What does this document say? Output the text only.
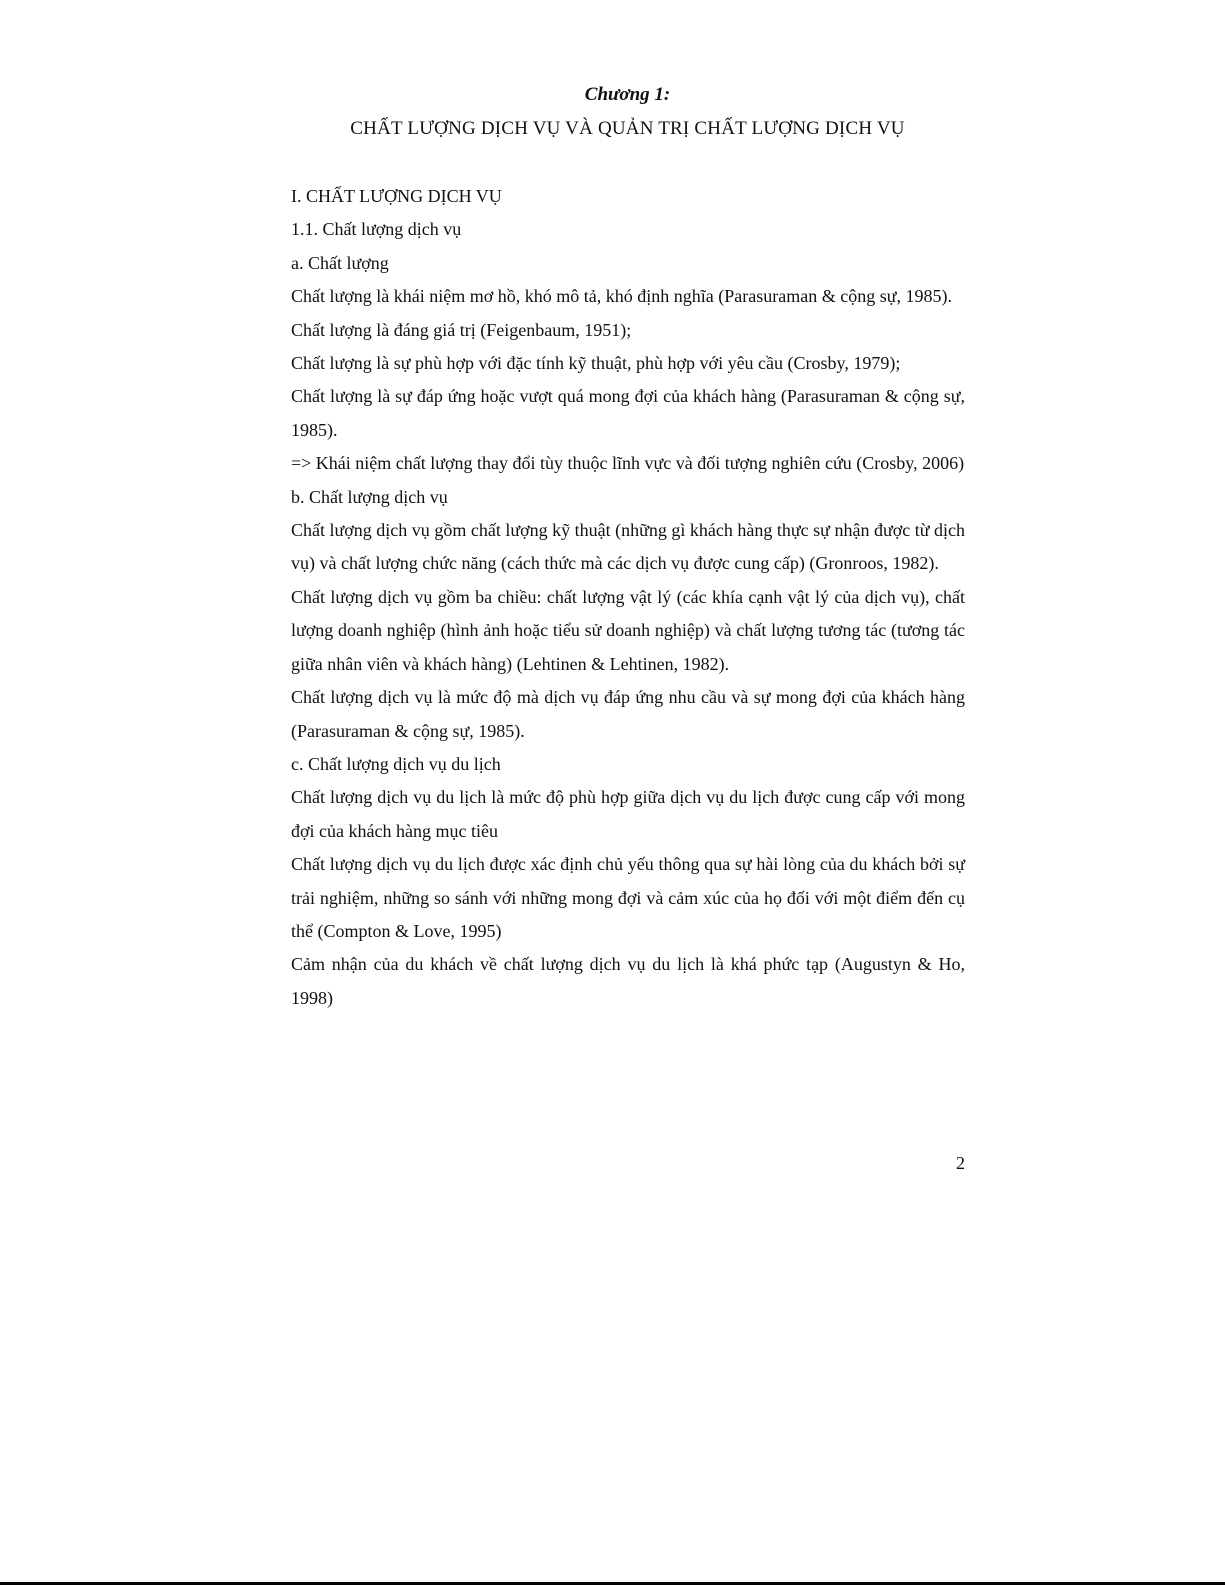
Chương 1:
CHẤT LƯỢNG DỊCH VỤ VÀ QUẢN TRỊ CHẤT LƯỢNG DỊCH VỤ

I. CHẤT LƯỢNG DỊCH VỤ

1.1. Chất lượng dịch vụ

a. Chất lượng

Chất lượng là khái niệm mơ hồ, khó mô tả, khó định nghĩa (Parasuraman & cộng sự, 1985).

Chất lượng là đáng giá trị (Feigenbaum, 1951);

Chất lượng là sự phù hợp với đặc tính kỹ thuật, phù hợp với yêu cầu (Crosby, 1979);

Chất lượng là sự đáp ứng hoặc vượt quá mong đợi của khách hàng (Parasuraman & cộng sự, 1985).

=> Khái niệm chất lượng thay đổi tùy thuộc lĩnh vực và đối tượng nghiên cứu (Crosby, 2006)

b. Chất lượng dịch vụ

Chất lượng dịch vụ gồm chất lượng kỹ thuật (những gì khách hàng thực sự nhận được từ dịch vụ) và chất lượng chức năng (cách thức mà các dịch vụ được cung cấp) (Gronroos, 1982).

Chất lượng dịch vụ gồm ba chiều: chất lượng vật lý (các khía cạnh vật lý của dịch vụ), chất lượng doanh nghiệp (hình ảnh hoặc tiểu sử doanh nghiệp) và chất lượng tương tác (tương tác giữa nhân viên và khách hàng) (Lehtinen & Lehtinen, 1982).

Chất lượng dịch vụ là mức độ mà dịch vụ đáp ứng nhu cầu và sự mong đợi của khách hàng (Parasuraman & cộng sự, 1985).

c. Chất lượng dịch vụ du lịch

Chất lượng dịch vụ du lịch là mức độ phù hợp giữa dịch vụ du lịch được cung cấp với mong đợi của khách hàng mục tiêu

Chất lượng dịch vụ du lịch được xác định chủ yếu thông qua sự hài lòng của du khách bởi sự trải nghiệm, những so sánh với những mong đợi và cảm xúc của họ đối với một điểm đến cụ thể (Compton & Love, 1995)

Cảm nhận của du khách về chất lượng dịch vụ du lịch là khá phức tạp (Augustyn & Ho, 1998)

2
